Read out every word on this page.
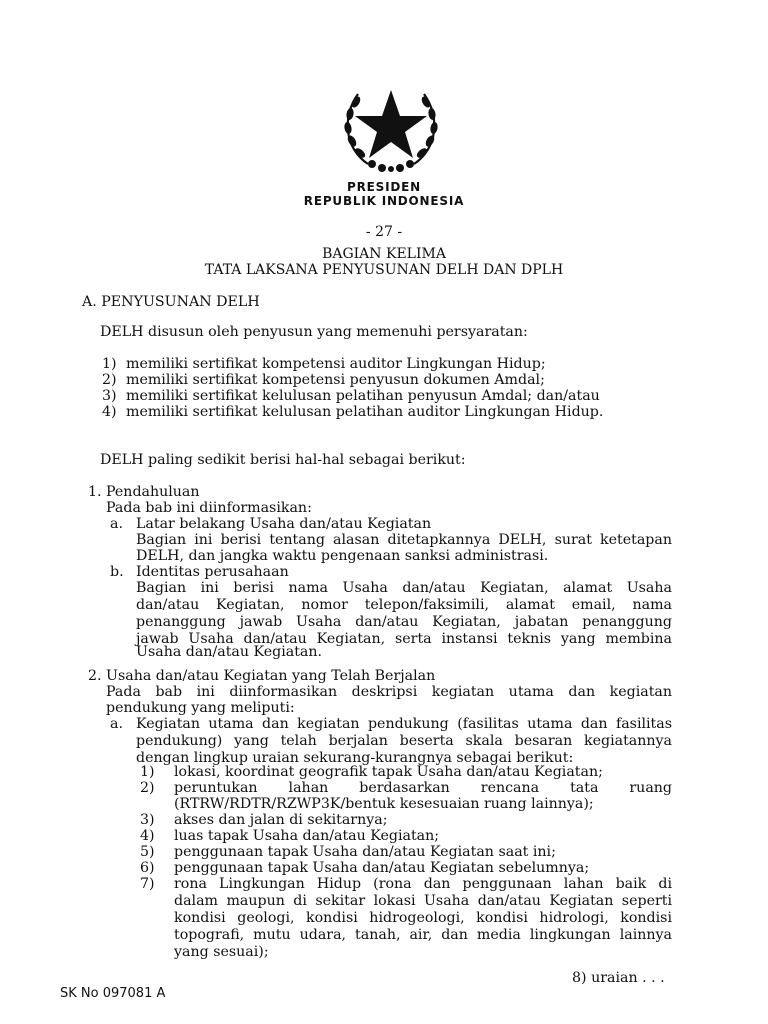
PRESIDEN
REPUBLIK INDONESIA
- 27 -
BAGIAN KELIMA
TATA LAKSANA PENYUSUNAN DELH DAN DPLH
A. PENYUSUNAN DELH
DELH disusun oleh penyusun yang memenuhi persyaratan:
1) memiliki sertifikat kompetensi auditor Lingkungan Hidup;
2) memiliki sertifikat kompetensi penyusun dokumen Amdal;
3) memiliki sertifikat kelulusan pelatihan penyusun Amdal; dan/atau
4) memiliki sertifikat kelulusan pelatihan auditor Lingkungan Hidup.
DELH paling sedikit berisi hal-hal sebagai berikut:
1. Pendahuluan
Pada bab ini diinformasikan:
a. Latar belakang Usaha dan/atau Kegiatan
Bagian ini berisi tentang alasan ditetapkannya DELH, surat ketetapan
DELH, dan jangka waktu pengenaan sanksi administrasi.
b. Identitas perusahaan
Bagian ini berisi nama Usaha dan/atau Kegiatan, alamat Usaha
dan/atau Kegiatan, nomor telepon/faksimili, alamat email, nama
penanggung jawab Usaha dan/atau Kegiatan, jabatan penanggung
jawab Usaha dan/atau Kegiatan, serta instansi teknis yang membina
Usaha dan/atau Kegiatan.
2. Usaha dan/atau Kegiatan yang Telah Berjalan
Pada bab ini diinformasikan deskripsi kegiatan utama dan kegiatan
pendukung yang meliputi:
a. Kegiatan utama dan kegiatan pendukung (fasilitas utama dan fasilitas
pendukung) yang telah berjalan beserta skala besaran kegiatannya
dengan lingkup uraian sekurang-kurangnya sebagai berikut:
1) lokasi, koordinat geografik tapak Usaha dan/atau Kegiatan;
2) peruntukan lahan berdasarkan rencana tata ruang
(RTRW/RDTR/RZWP3K/bentuk kesesuaian ruang lainnya);
3) akses dan jalan di sekitarnya;
4) luas tapak Usaha dan/atau Kegiatan;
5) penggunaan tapak Usaha dan/atau Kegiatan saat ini;
6) penggunaan tapak Usaha dan/atau Kegiatan sebelumnya;
7) rona Lingkungan Hidup (rona dan penggunaan lahan baik di
dalam maupun di sekitar lokasi Usaha dan/atau Kegiatan seperti
kondisi geologi, kondisi hidrogeologi, kondisi hidrologi, kondisi
topografi, mutu udara, tanah, air, dan media lingkungan lainnya
yang sesuai);
8) uraian . . .
SK No 097081 A
